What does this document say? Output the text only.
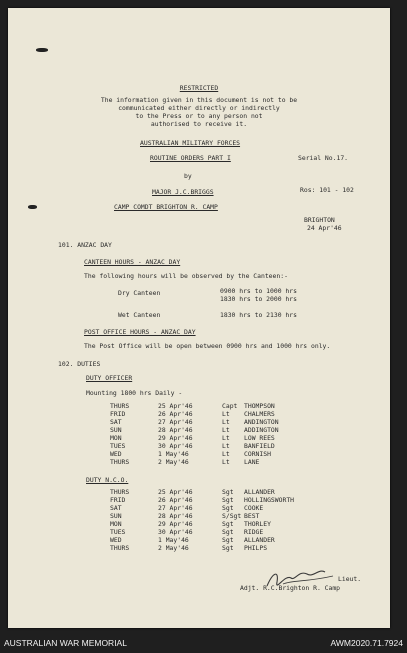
RESTRICTED
The information given in this document is not to be
communicated either directly or indirectly
to the Press or to any person not
authorised to receive it.
AUSTRALIAN MILITARY FORCES
ROUTINE ORDERS PART I	Serial No.17.
by
MAJOR J.C.BRIGGS	Ros: 101 - 102
CAMP COMDT BRIGHTON R. CAMP
BRIGHTON
24 Apr'46
101. ANZAC DAY
CANTEEN HOURS - ANZAC DAY
The following hours will be observed by the Canteen:-
Dry Canteen	0900 hrs to 1000 hrs
1830 hrs to 2000 hrs
Wet Canteen	1830 hrs to 2130 hrs
POST OFFICE HOURS - ANZAC DAY
The Post Office will be open between 0900 hrs and 1000 hrs only.
102. DUTIES
DUTY OFFICER
Mounting 1800 hrs Daily -
THURS	25 Apr'46	Capt THOMPSON
FRID	26 Apr'46	Lt CHALMERS
SAT	27 Apr'46	Lt ANDINGTON
SUN	28 Apr'46	Lt ADDINGTON
MON	29 Apr'46	Lt LOW REES
TUES	30 Apr'46	Lt BANFIELD
WED	1 May'46	Lt CORNISH
THURS	2 May'46	Lt LANE
DUTY N.C.O.
THURS	25 Apr'46	Sgt ALLANDER
FRID	26 Apr'46	Sgt HOLLINGSWORTH
SAT	27 Apr'46	Sgt COOKE
SUN	28 Apr'46	S/Sgt BEST
MON	29 Apr'46	Sgt THORLEY
TUES	30 Apr'46	Sgt RIDGE
WED	1 May'46	Sgt ALLANDER
THURS	2 May'46	Sgt PHILPS
Lieut.
Adjt. R.C.Brighton R. Camp
AUSTRALIAN WAR MEMORIAL	AWM2020.71.7924
